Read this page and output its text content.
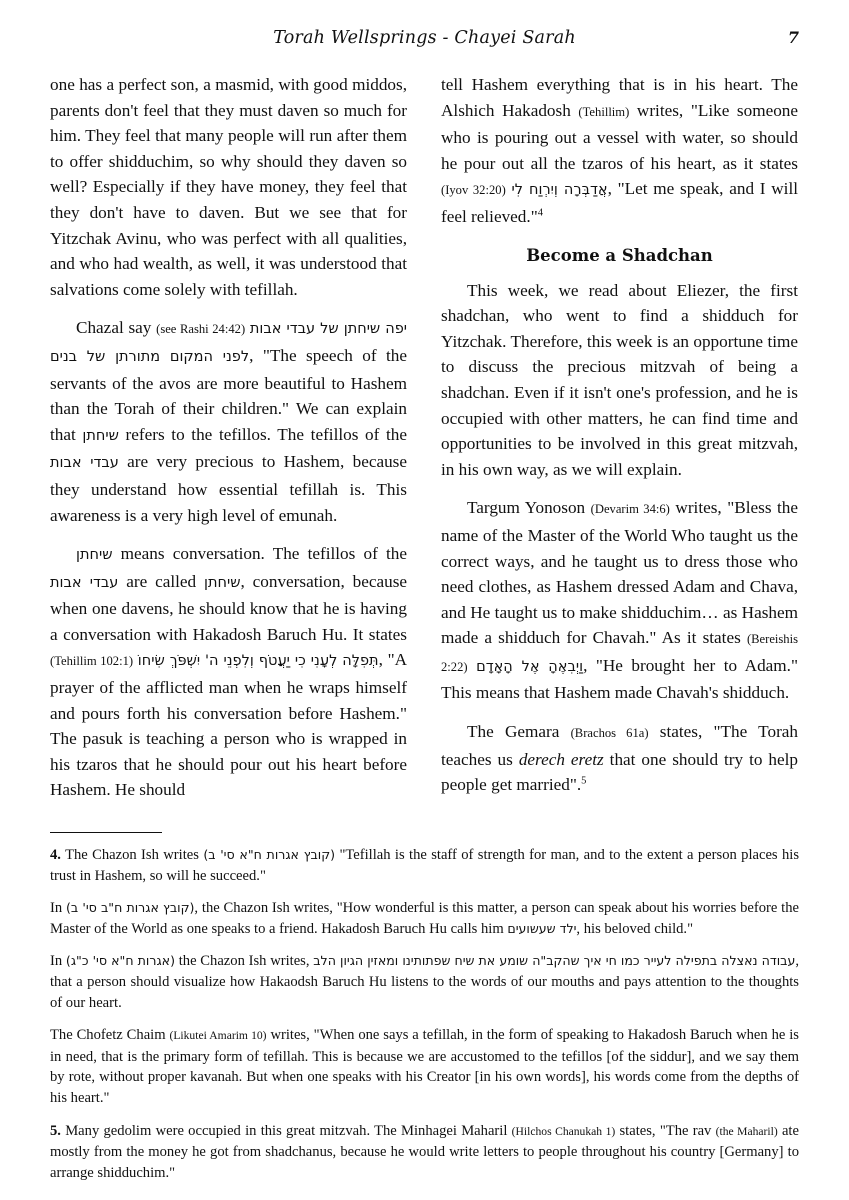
Torah Wellsprings - Chayei Sarah	7

one has a perfect son, a masmid, with good middos, parents don't feel that they must daven so much for him. They feel that many people will run after them to offer shidduchim, so why should they daven so well? Especially if they have money, they feel that they don't have to daven. But we see that for Yitzchak Avinu, who was perfect with all qualities, and who had wealth, as well, it was understood that salvations come solely with tefillah.

Chazal say (see Rashi 24:42) יפה שיחתן של עבדי אבות לפני המקום מתורתן של בנים, "The speech of the servants of the avos are more beautiful to Hashem than the Torah of their children." We can explain that שיחתן refers to the tefillos. The tefillos of the עבדי אבות are very precious to Hashem, because they understand how essential tefillah is. This awareness is a very high level of emunah.

שיחתן means conversation. The tefillos of the עבדי אבות are called שיחתן, conversation, because when one davens, he should know that he is having a conversation with Hakadosh Baruch Hu. It states (Tehillim 102:1) תְּפִלָּה לְעָנִי כִי יַעֲטֹף וְלִפְנֵי ה' יִשְׁפֹּךְ שִׂיחוֹ, "A prayer of the afflicted man when he wraps himself and pours forth his conversation before Hashem." The pasuk is teaching a person who is wrapped in his tzaros that he should pour out his heart before Hashem. He should

tell Hashem everything that is in his heart. The Alshich Hakadosh (Tehillim) writes, "Like someone who is pouring out a vessel with water, so should he pour out all the tzaros of his heart, as it states (Iyov 32:20) אֲדַבְּרָה וְיִרְוַח לִי, "Let me speak, and I will feel relieved."$^4$

Become a Shadchan

This week, we read about Eliezer, the first shadchan, who went to find a shidduch for Yitzchak. Therefore, this week is an opportune time to discuss the precious mitzvah of being a shadchan. Even if it isn't one's profession, and he is occupied with other matters, he can find time and opportunities to be involved in this great mitzvah, in his own way, as we will explain.

Targum Yonoson (Devarim 34:6) writes, "Bless the name of the Master of the World Who taught us the correct ways, and he taught us to dress those who need clothes, as Hashem dressed Adam and Chava, and He taught us to make shidduchim… as Hashem made a shidduch for Chavah." As it states (Bereishis 2:22) וַיְבִאֶהָ אֶל הָאָדָם, "He brought her to Adam." This means that Hashem made Chavah's shidduch.

The Gemara (Brachos 61a) states, "The Torah teaches us derech eretz that one should try to help people get married".$^5$

4. The Chazon Ish writes (קובץ אגרות ח"א סי' ב) "Tefillah is the staff of strength for man, and to the extent a person places his trust in Hashem, so will he succeed."

In (קובץ אגרות ח"ב סי' ב), the Chazon Ish writes, "How wonderful is this matter, a person can speak about his worries before the Master of the World as one speaks to a friend. Hakadosh Baruch Hu calls him ילד שעשועים, his beloved child."

In (אגרות ח"א סי' כ"ג) the Chazon Ish writes, עבודה נאצלה בתפילה לעייר כמו חי איך שהקב"ה שומע את שיח שפתותינו ומאזין הגיון הלב, that a person should visualize how Hakaodsh Baruch Hu listens to the words of our mouths and pays attention to the thoughts of our heart.

The Chofetz Chaim (Likutei Amarim 10) writes, "When one says a tefillah, in the form of speaking to Hakadosh Baruch when he is in need, that is the primary form of tefillah. This is because we are accustomed to the tefillos [of the siddur], and we say them by rote, without proper kavanah. But when one speaks with his Creator [in his own words], his words come from the depths of his heart."

5. Many gedolim were occupied in this great mitzvah. The Minhagei Maharil (Hilchos Chanukah 1) states, "The rav (the Maharil) ate mostly from the money he got from shadchanus, because he would write letters to people throughout his country [Germany] to arrange shidduchim."
